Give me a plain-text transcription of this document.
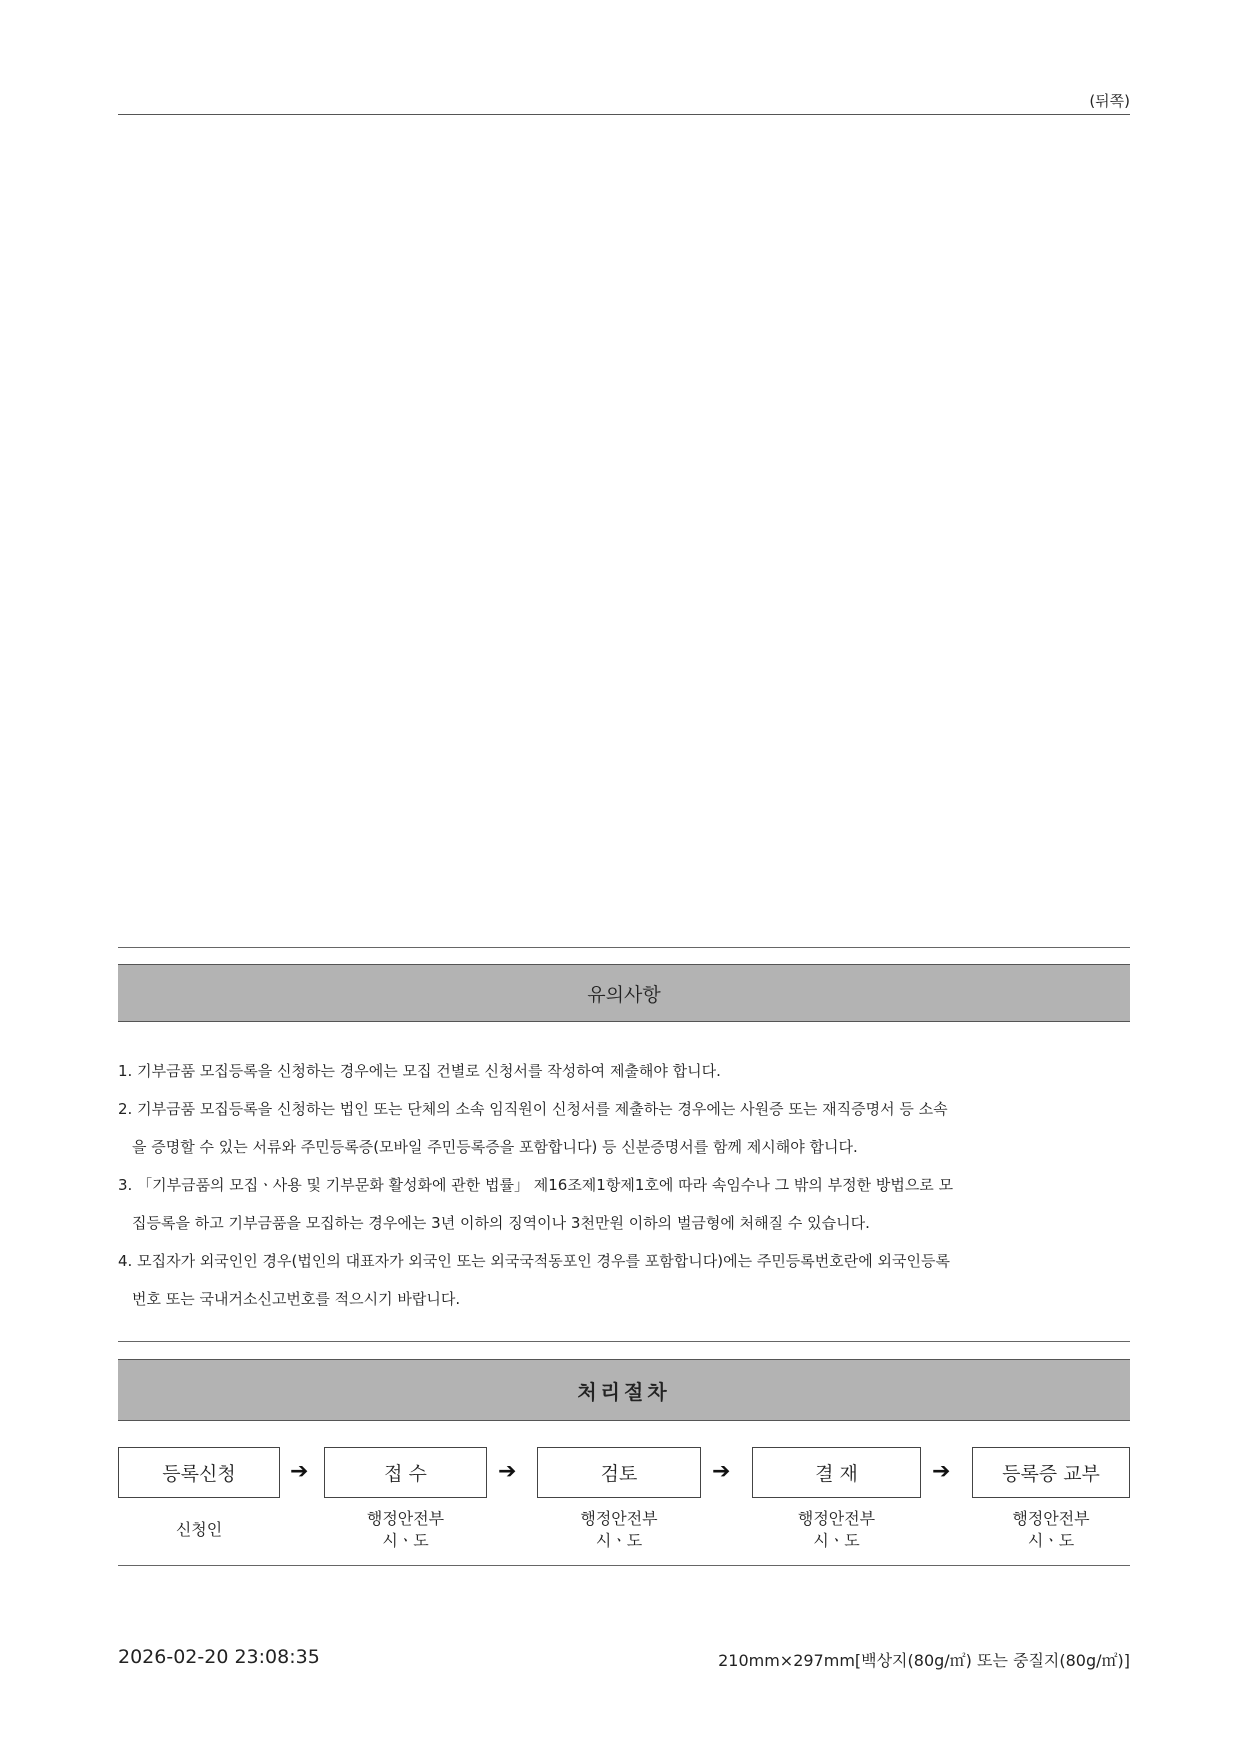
(뒤쪽)
유의사항
1. 기부금품 모집등록을 신청하는 경우에는 모집 건별로 신청서를 작성하여 제출해야 합니다.
2. 기부금품 모집등록을 신청하는 법인 또는 단체의 소속 임직원이 신청서를 제출하는 경우에는 사원증 또는 재직증명서 등 소속
을 증명할 수 있는 서류와 주민등록증(모바일 주민등록증을 포함합니다) 등 신분증명서를 함께 제시해야 합니다.
3. 「기부금품의 모집ㆍ사용 및 기부문화 활성화에 관한 법률」 제16조제1항제1호에 따라 속임수나 그 밖의 부정한 방법으로 모
집등록을 하고 기부금품을 모집하는 경우에는 3년 이하의 징역이나 3천만원 이하의 벌금형에 처해질 수 있습니다.
4. 모집자가 외국인인 경우(법인의 대표자가 외국인 또는 외국국적동포인 경우를 포함합니다)에는 주민등록번호란에 외국인등록
번호 또는 국내거소신고번호를 적으시기 바랍니다.
처리절차
등록신청	➔	접 수	➔	검토	➔	결 재	➔	등록증 교부
신청인
행정안전부
시ㆍ도
행정안전부
시ㆍ도
행정안전부
시ㆍ도
행정안전부
시ㆍ도
2026-02-20 23:08:35	210mm×297mm[백상지(80g/㎡) 또는 중질지(80g/㎡)]
